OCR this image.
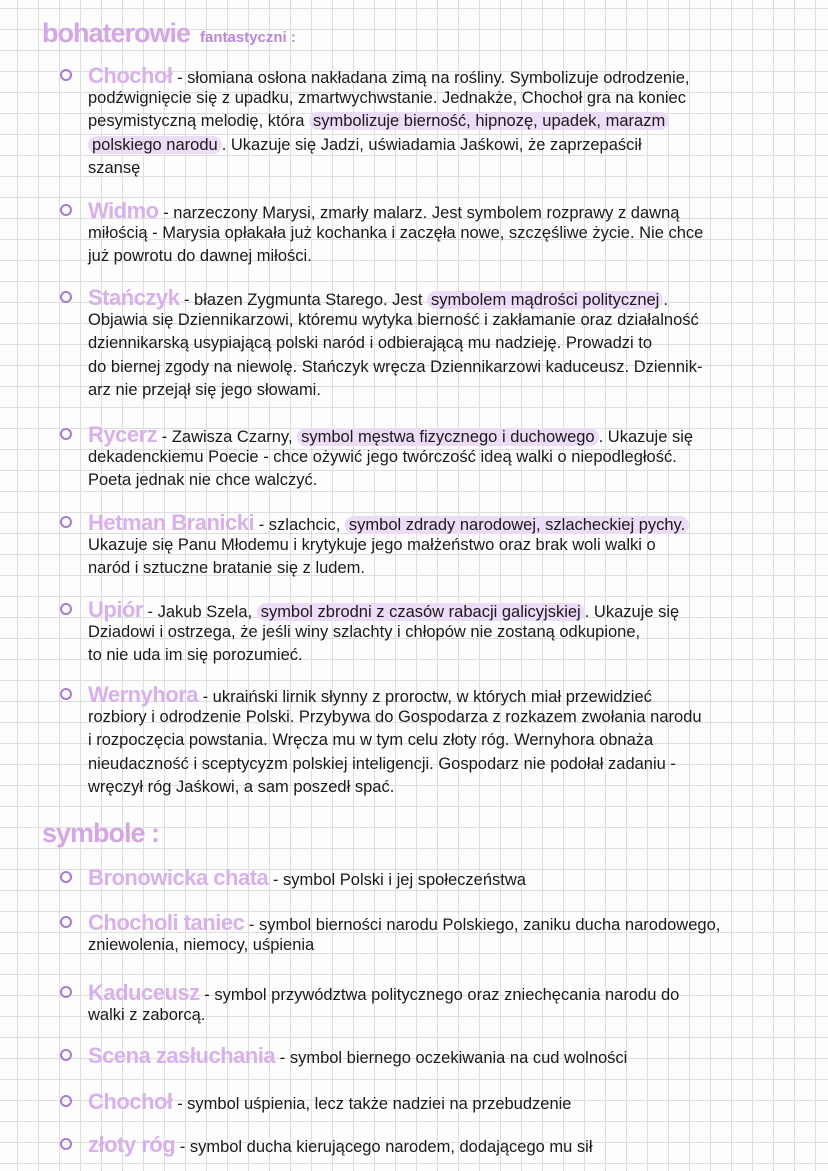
bohaterowie fantastyczni :
symbole :
Chochoł - słomiana osłona nakładana zimą na rośliny. Symbolizuje odrodzenie,
podźwignięcie się z upadku, zmartwychwstanie. Jednakże, Chochoł gra na koniec
pesymistyczną melodię, która symbolizuje bierność, hipnozę, upadek, marazm
polskiego narodu . Ukazuje się Jadzi, uświadamia Jaśkowi, że zaprzepaścił
szansę
Widmo - narzeczony Marysi, zmarły malarz. Jest symbolem rozprawy z dawną
miłością - Marysia opłakała już kochanka i zaczęła nowe, szczęśliwe życie. Nie chce
już powrotu do dawnej miłości.
Stańczyk - błazen Zygmunta Starego. Jest symbolem mądrości politycznej .
Objawia się Dziennikarzowi, któremu wytyka bierność i zakłamanie oraz działalność
dziennikarską usypiającą polski naród i odbierającą mu nadzieję. Prowadzi to
do biernej zgody na niewolę. Stańczyk wręcza Dziennikarzowi kaduceusz. Dziennik-
arz nie przejął się jego słowami.
Rycerz - Zawisza Czarny, symbol męstwa fizycznego i duchowego . Ukazuje się
dekadenckiemu Poecie - chce ożywić jego twórczość ideą walki o niepodległość.
Poeta jednak nie chce walczyć.
Hetman Branicki - szlachcic, symbol zdrady narodowej, szlacheckiej pychy.
Ukazuje się Panu Młodemu i krytykuje jego małżeństwo oraz brak woli walki o
naród i sztuczne bratanie się z ludem.
Upiór - Jakub Szela, symbol zbrodni z czasów rabacji galicyjskiej . Ukazuje się
Dziadowi i ostrzega, że jeśli winy szlachty i chłopów nie zostaną odkupione,
to nie uda im się porozumieć.
Wernyhora - ukraiński lirnik słynny z proroctw, w których miał przewidzieć
rozbiory i odrodzenie Polski. Przybywa do Gospodarza z rozkazem zwołania narodu
i rozpoczęcia powstania. Wręcza mu w tym celu złoty róg. Wernyhora obnaża
nieudaczność i sceptycyzm polskiej inteligencji. Gospodarz nie podołał zadaniu -
wręczył róg Jaśkowi, a sam poszedł spać.
Bronowicka chata - symbol Polski i jej społeczeństwa
Chocholi taniec - symbol bierności narodu Polskiego, zaniku ducha narodowego,
zniewolenia, niemocy, uśpienia
Kaduceusz - symbol przywództwa politycznego oraz zniechęcania narodu do
walki z zaborcą.
Scena zasłuchania - symbol biernego oczekiwania na cud wolności
Chochoł - symbol uśpienia, lecz także nadziei na przebudzenie
złoty róg - symbol ducha kierującego narodem, dodającego mu sił
